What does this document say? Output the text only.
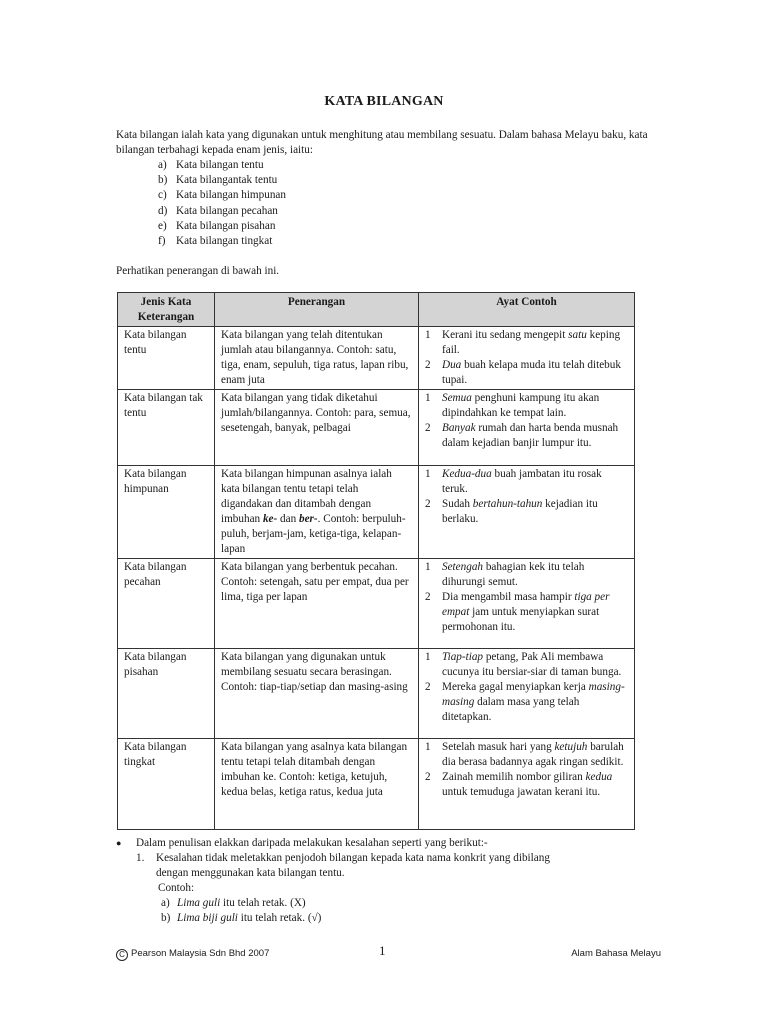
KATA BILANGAN
Kata bilangan ialah kata yang digunakan untuk menghitung atau membilang sesuatu. Dalam bahasa Melayu baku, kata bilangan terbahagi kepada enam jenis, iaitu:
a) Kata bilangan tentu
b) Kata bilangantak tentu
c) Kata bilangan himpunan
d) Kata bilangan pecahan
e) Kata bilangan pisahan
f) Kata bilangan tingkat
Perhatikan penerangan di bawah ini.
Jenis Kata Keterangan	Penerangan	Ayat Contoh
Kata bilangan tentu	Kata bilangan yang telah ditentukan jumlah atau bilangannya. Contoh: satu, tiga, enam, sepuluh, tiga ratus, lapan ribu, enam juta	1 Kerani itu sedang mengepit satu keping fail.
2 Dua buah kelapa muda itu telah ditebuk tupai.

Kata bilangan tak tentu	Kata bilangan yang tidak diketahui jumlah/bilangannya. Contoh: para, semua, sesetengah, banyak, pelbagai	1 Semua penghuni kampung itu akan dipindahkan ke tempat lain.
2 Banyak rumah dan harta benda musnah dalam kejadian banjir lumpur itu.

Kata bilangan himpunan	Kata bilangan himpunan asalnya ialah kata bilangan tentu tetapi telah digandakan dan ditambah dengan imbuhan ke- dan ber-. Contoh: berpuluh-puluh, berjam-jam, ketiga-tiga, kelapan-lapan	1 Kedua-dua buah jambatan itu rosak teruk.
2 Sudah bertahun-tahun kejadian itu berlaku.

Kata bilangan pecahan	Kata bilangan yang berbentuk pecahan. Contoh: setengah, satu per empat, dua per lima, tiga per lapan	1 Setengah bahagian kek itu telah dihurungi semut.
2 Dia mengambil masa hampir tiga per empat jam untuk menyiapkan surat permohonan itu.

Kata bilangan pisahan	Kata bilangan yang digunakan untuk membilang sesuatu secara berasingan. Contoh: tiap-tiap/setiap dan masing-asing	1 Tiap-tiap petang, Pak Ali membawa cucunya itu bersiar-siar di taman bunga.
2 Mereka gagal menyiapkan kerja masing-masing dalam masa yang telah ditetapkan.

Kata bilangan tingkat	Kata bilangan yang asalnya kata bilangan tentu tetapi telah ditambah dengan imbuhan ke. Contoh: ketiga, ketujuh, kedua belas, ketiga ratus, kedua juta	1 Setelah masuk hari yang ketujuh barulah dia berasa badannya agak ringan sedikit.
2 Zainah memilih nombor giliran kedua untuk temuduga jawatan kerani itu.
●	Dalam penulisan elakkan daripada melakukan kesalahan seperti yang berikut:-
1.	Kesalahan tidak meletakkan penjodoh bilangan kepada kata nama konkrit yang dibilang
dengan menggunakan kata bilangan tentu.
Contoh:
a) Lima guli itu telah retak. (X)
b) Lima biji guli itu telah retak. (√)
C Pearson Malaysia Sdn Bhd 2007	1	Alam Bahasa Melayu
